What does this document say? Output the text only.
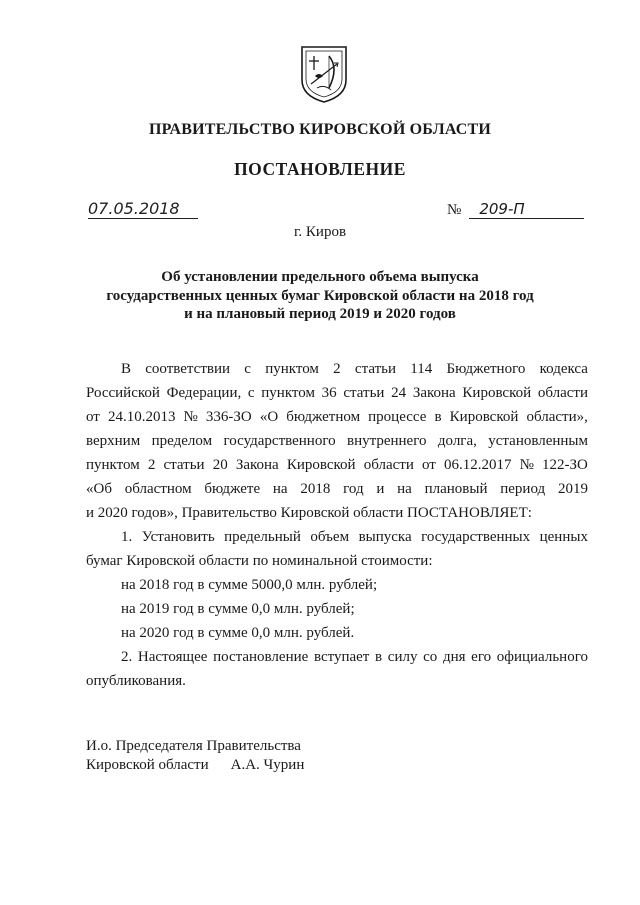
ПРАВИТЕЛЬСТВО КИРОВСКОЙ ОБЛАСТИ
ПОСТАНОВЛЕНИЕ
07.05.2018	№ 209-П
г. Киров
Об установлении предельного объема выпуска
государственных ценных бумаг Кировской области на 2018 год
и на плановый период 2019 и 2020 годов
В соответствии с пунктом 2 статьи 114 Бюджетного кодекса
Российской Федерации, с пунктом 36 статьи 24 Закона Кировской области
от 24.10.2013 № 336-ЗО «О бюджетном процессе в Кировской области»,
верхним пределом государственного внутреннего долга, установленным
пунктом 2 статьи 20 Закона Кировской области от 06.12.2017 № 122-ЗО
«Об областном бюджете на 2018 год и на плановый период 2019
и 2020 годов», Правительство Кировской области ПОСТАНОВЛЯЕТ:
1. Установить предельный объем выпуска государственных ценных
бумаг Кировской области по номинальной стоимости:
на 2018 год в сумме 5000,0 млн. рублей;
на 2019 год в сумме 0,0 млн. рублей;
на 2020 год в сумме 0,0 млн. рублей.
2. Настоящее постановление вступает в силу со дня его официального
опубликования.
И.о. Председателя Правительства
Кировской области А.А. Чурин
